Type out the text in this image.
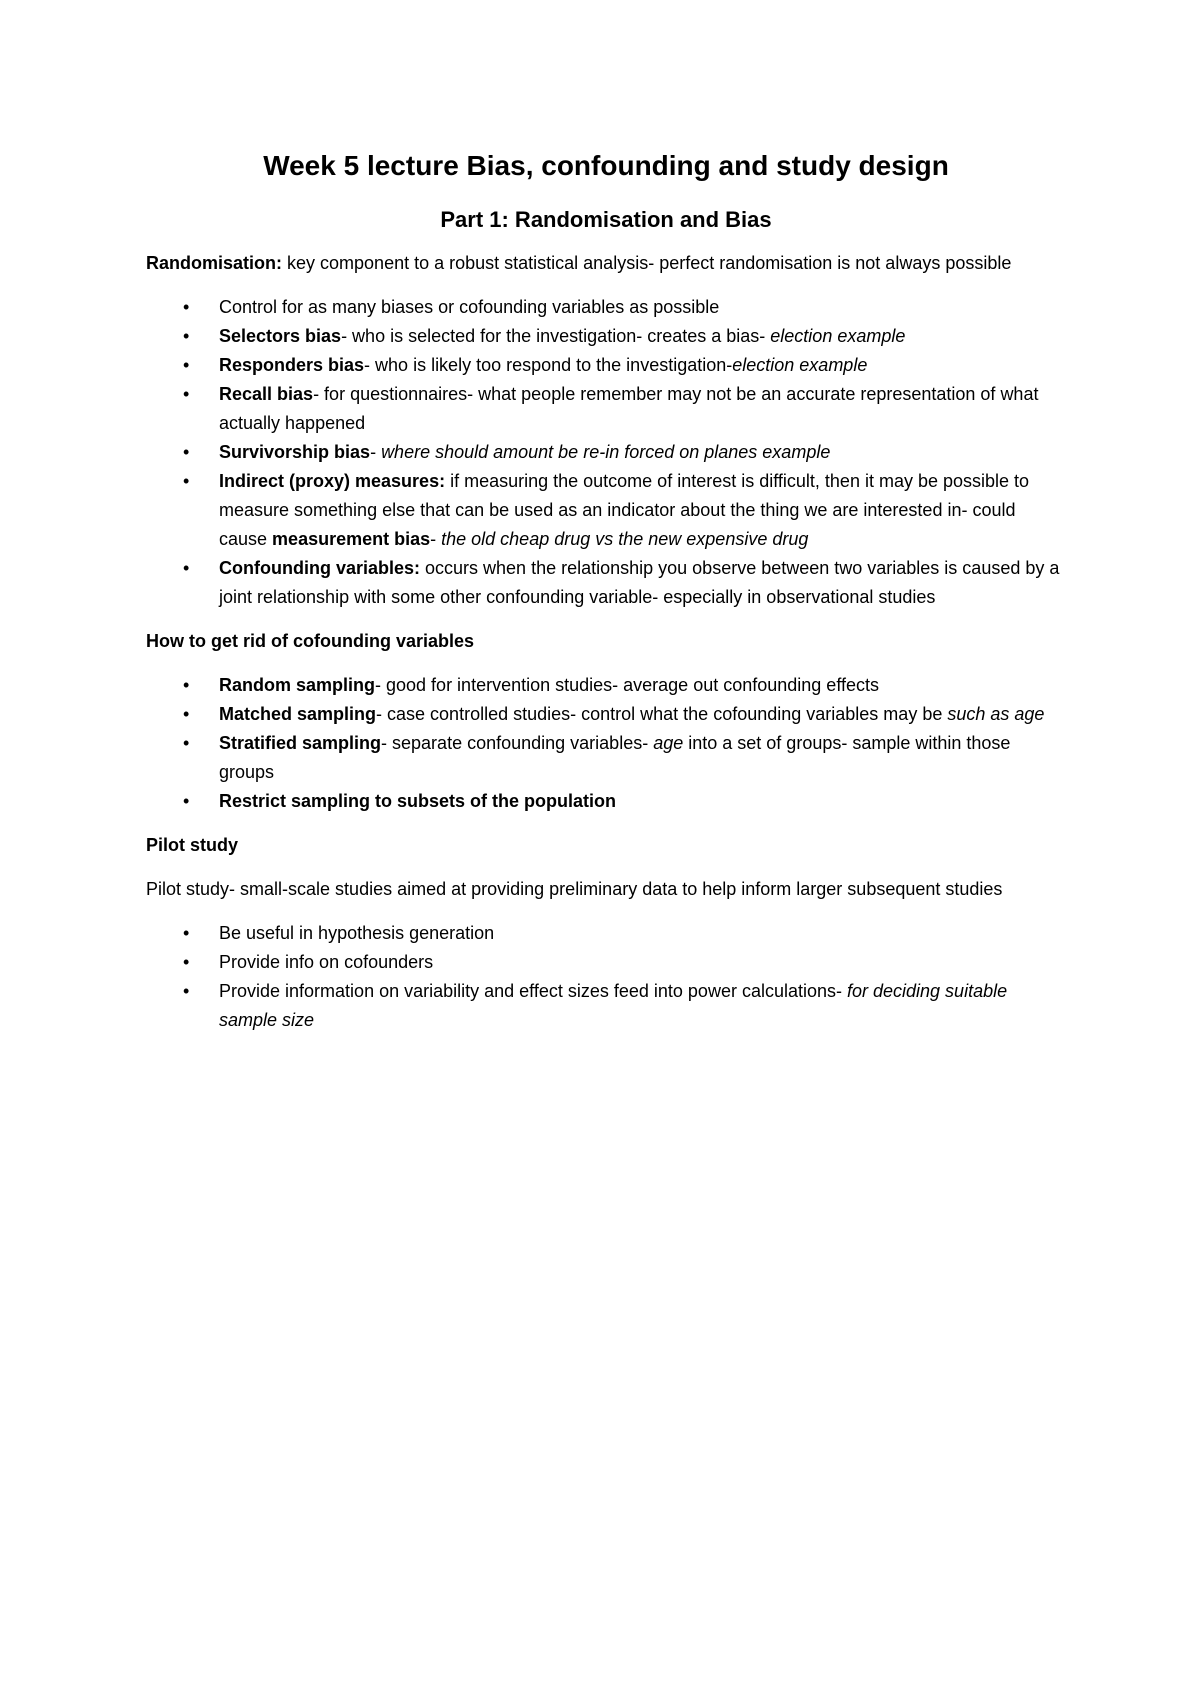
Week 5 lecture Bias, confounding and study design
Part 1: Randomisation and Bias

Randomisation: key component to a robust statistical analysis- perfect randomisation is not always possible

• Control for as many biases or cofounding variables as possible
• Selectors bias- who is selected for the investigation- creates a bias- election example
• Responders bias- who is likely too respond to the investigation-election example
• Recall bias- for questionnaires- what people remember may not be an accurate representation of what actually happened
• Survivorship bias- where should amount be re-in forced on planes example
• Indirect (proxy) measures: if measuring the outcome of interest is difficult, then it may be possible to measure something else that can be used as an indicator about the thing we are interested in- could cause measurement bias- the old cheap drug vs the new expensive drug
• Confounding variables: occurs when the relationship you observe between two variables is caused by a joint relationship with some other confounding variable- especially in observational studies

How to get rid of cofounding variables

• Random sampling- good for intervention studies- average out confounding effects
• Matched sampling- case controlled studies- control what the cofounding variables may be such as age
• Stratified sampling- separate confounding variables- age into a set of groups- sample within those groups
• Restrict sampling to subsets of the population

Pilot study

Pilot study- small-scale studies aimed at providing preliminary data to help inform larger subsequent studies

• Be useful in hypothesis generation
• Provide info on cofounders
• Provide information on variability and effect sizes feed into power calculations- for deciding suitable sample size
